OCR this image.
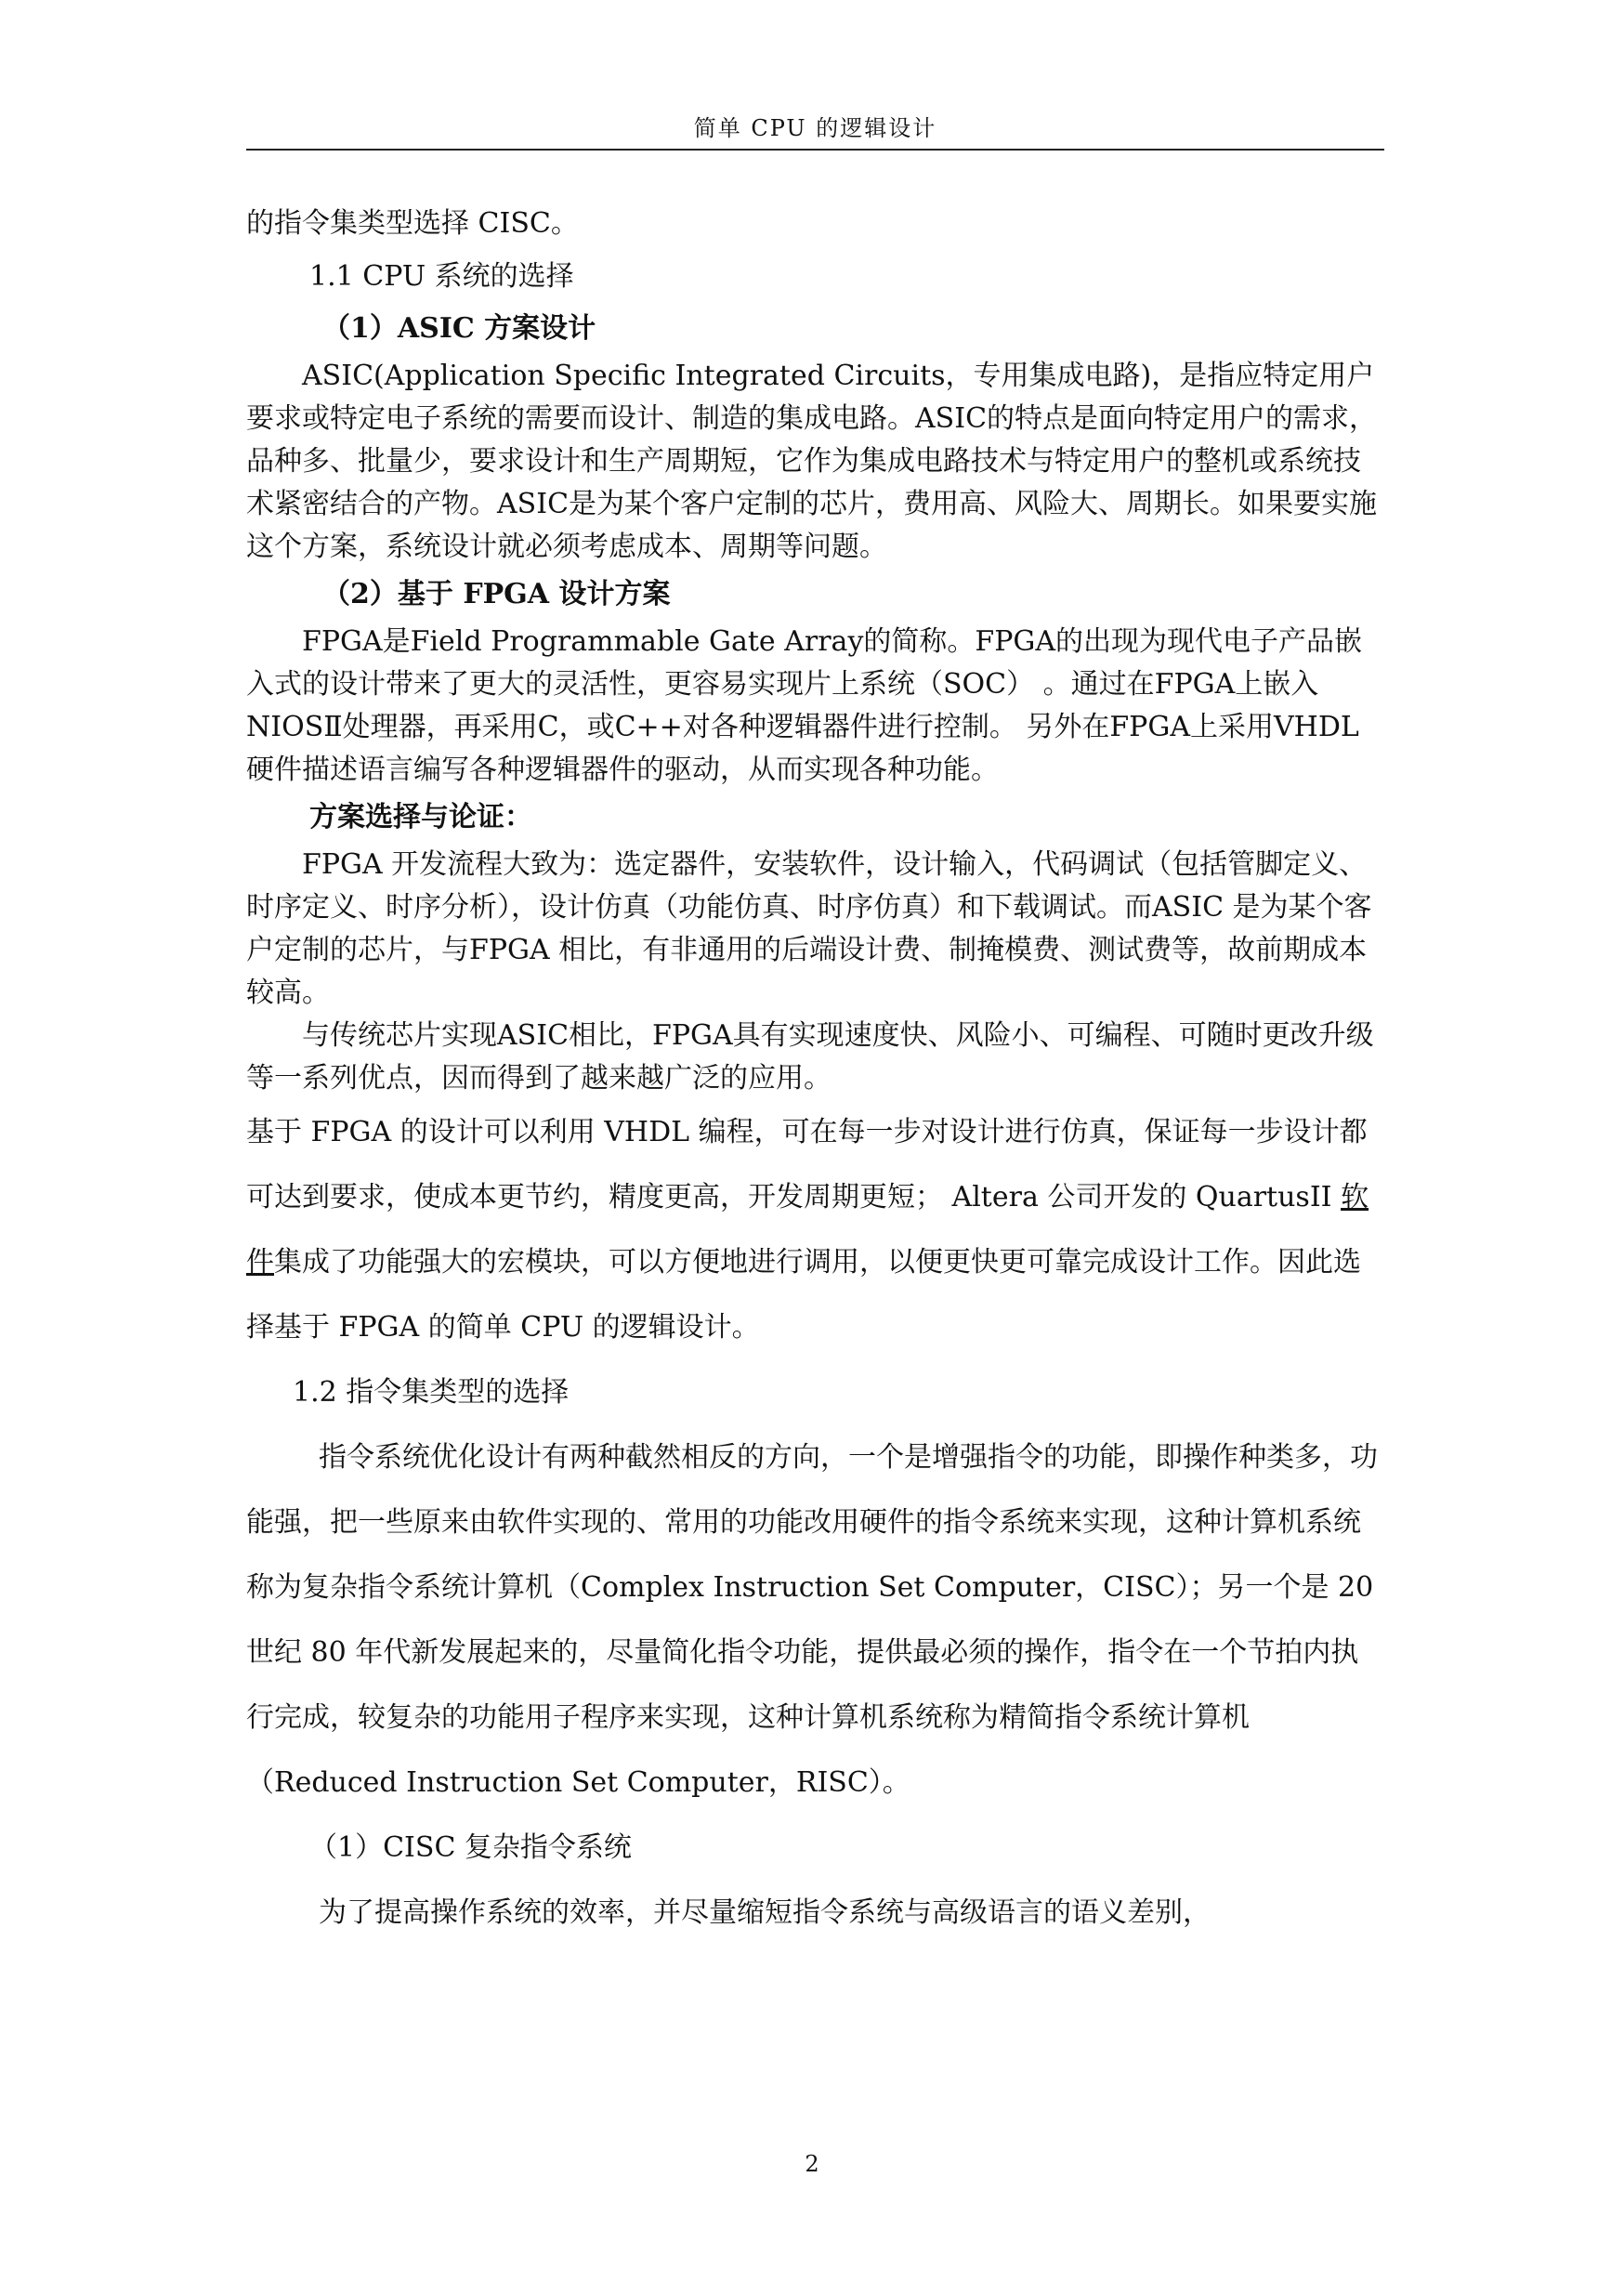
简单 CPU 的逻辑设计

的指令集类型选择 CISC。

1.1 CPU 系统的选择

（1）ASIC 方案设计

ASIC(Application Specific Integrated Circuits，专用集成电路)，是指应特定用户要求或特定电子系统的需要而设计、制造的集成电路。ASIC的特点是面向特定用户的需求，品种多、批量少，要求设计和生产周期短，它作为集成电路技术与特定用户的整机或系统技术紧密结合的产物。ASIC是为某个客户定制的芯片，费用高、风险大、周期长。如果要实施这个方案，系统设计就必须考虑成本、周期等问题。

（2）基于 FPGA 设计方案

FPGA是Field Programmable Gate Array的简称。FPGA的出现为现代电子产品嵌入式的设计带来了更大的灵活性，更容易实现片上系统（SOC） 。通过在FPGA上嵌入NIOSⅡ处理器，再采用C，或C++对各种逻辑器件进行控制。 另外在FPGA上采用VHDL硬件描述语言编写各种逻辑器件的驱动，从而实现各种功能。

方案选择与论证：

FPGA 开发流程大致为：选定器件，安装软件，设计输入，代码调试（包括管脚定义、时序定义、时序分析），设计仿真（功能仿真、时序仿真）和下载调试。而ASIC 是为某个客户定制的芯片，与FPGA 相比，有非通用的后端设计费、制掩模费、测试费等，故前期成本较高。

与传统芯片实现ASIC相比，FPGA具有实现速度快、风险小、可编程、可随时更改升级等一系列优点，因而得到了越来越广泛的应用。

基于 FPGA 的设计可以利用 VHDL 编程，可在每一步对设计进行仿真，保证每一步设计都可达到要求，使成本更节约，精度更高，开发周期更短； Altera 公司开发的 QuartusII 软件集成了功能强大的宏模块，可以方便地进行调用，以便更快更可靠完成设计工作。因此选择基于 FPGA 的简单 CPU 的逻辑设计。

1.2 指令集类型的选择

指令系统优化设计有两种截然相反的方向，一个是增强指令的功能，即操作种类多，功能强，把一些原来由软件实现的、常用的功能改用硬件的指令系统来实现，这种计算机系统称为复杂指令系统计算机（Complex Instruction Set Computer，CISC）；另一个是 20 世纪 80 年代新发展起来的，尽量简化指令功能，提供最必须的操作，指令在一个节拍内执行完成，较复杂的功能用子程序来实现，这种计算机系统称为精简指令系统计算机（Reduced Instruction Set Computer，RISC）。

（1）CISC 复杂指令系统

为了提高操作系统的效率，并尽量缩短指令系统与高级语言的语义差别，

2
